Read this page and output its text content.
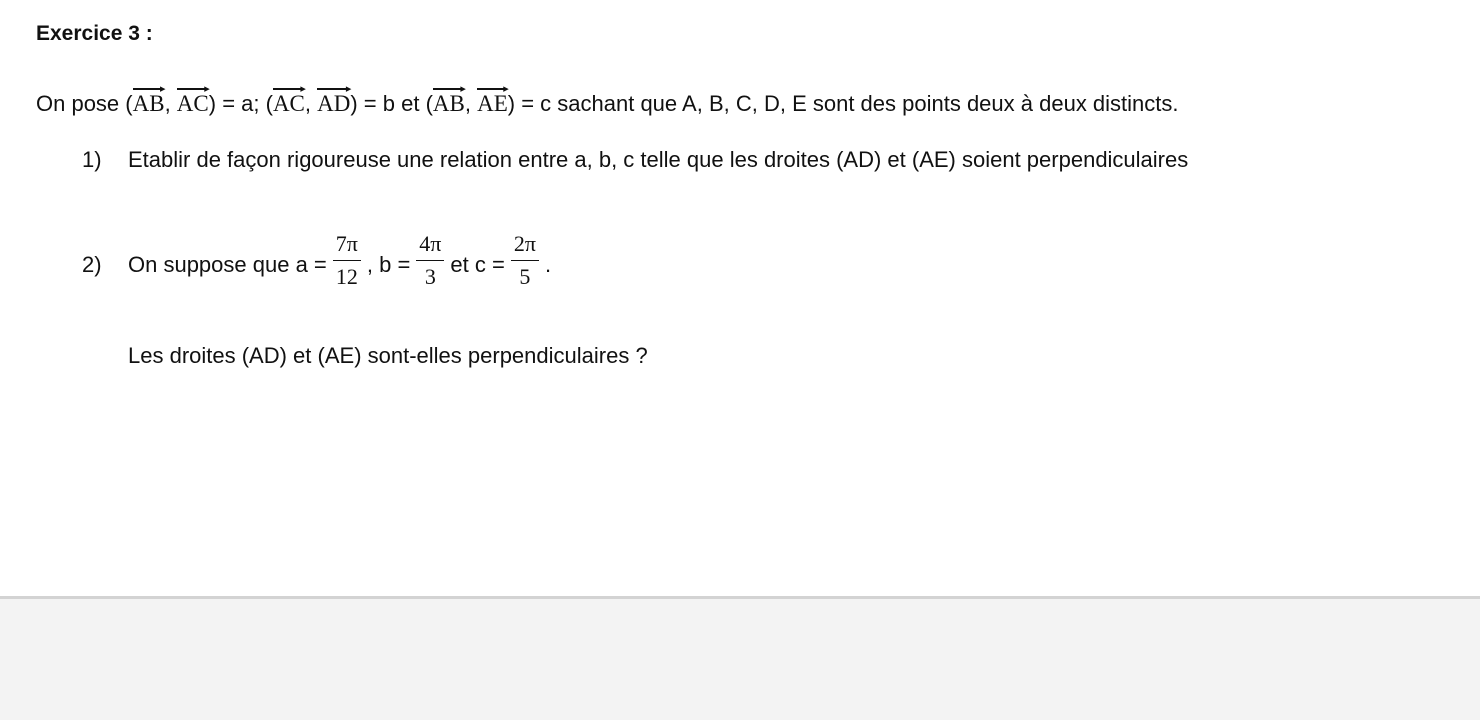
Exercice 3 :
On pose (
▸
AB,
▸
AC) = a; (
▸
AC,
▸
AD) = b et (
▸
AB,
▸
AE) = c sachant que A, B, C, D, E sont des points deux à deux distincts.
1) Etablir de façon rigoureuse une relation entre a, b, c telle que les droites (AD) et (AE) soient perpendiculaires
2)	On suppose que $a = \frac{7\pi}{12}$ , $b = \frac{4\pi}{3}$ et $c = \frac{2\pi}{5}$ .
Les droites (AD) et (AE) sont-elles perpendiculaires ?
